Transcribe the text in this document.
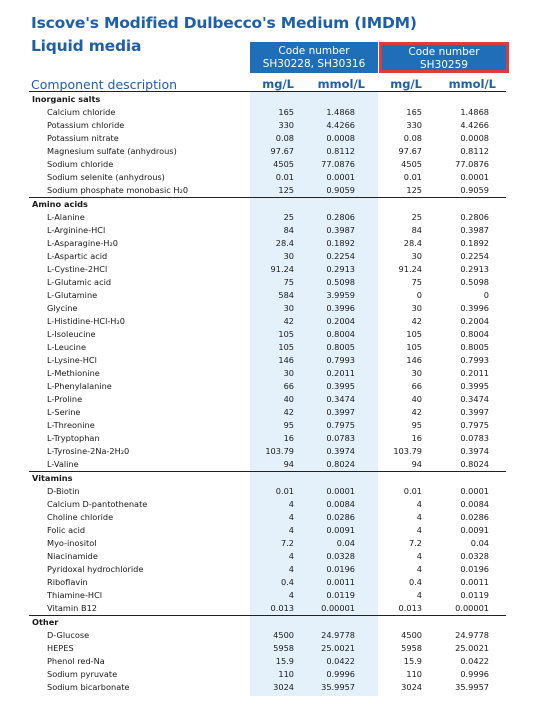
Iscove's Modified Dulbecco's Medium (IMDM)
Liquid media	Code number
SH30228, SH30316
Code number
SH30259
Component description	mg/L	mmol/L	mg/L	mmol/L
Inorganic salts
Calcium chloride	165	1.4868	165	1.4868
Potassium chloride	330	4.4266	330	4.4266
Potassium nitrate	0.08	0.0008	0.08	0.0008
Magnesium sulfate (anhydrous)	97.67	0.8112	97.67	0.8112
Sodium chloride	4505	77.0876	4505	77.0876
Sodium selenite (anhydrous)	0.01	0.0001	0.01	0.0001
Sodium phosphate monobasic H₂0	125	0.9059	125	0.9059
Amino acids
L-Alanine	25	0.2806	25	0.2806
L-Arginine-HCl	84	0.3987	84	0.3987
L-Asparagine-H₂0	28.4	0.1892	28.4	0.1892
L-Aspartic acid	30	0.2254	30	0.2254
L-Cystine-2HCl	91.24	0.2913	91.24	0.2913
L-Glutamic acid	75	0.5098	75	0.5098
L-Glutamine	584	3.9959	0	0
Glycine	30	0.3996	30	0.3996
L-Histidine-HCl-H₂0	42	0.2004	42	0.2004
L-Isoleucine	105	0.8004	105	0.8004
L-Leucine	105	0.8005	105	0.8005
L-Lysine-HCl	146	0.7993	146	0.7993
L-Methionine	30	0.2011	30	0.2011
L-Phenylalanine	66	0.3995	66	0.3995
L-Proline	40	0.3474	40	0.3474
L-Serine	42	0.3997	42	0.3997
L-Threonine	95	0.7975	95	0.7975
L-Tryptophan	16	0.0783	16	0.0783
L-Tyrosine-2Na-2H₂0	103.79	0.3974	103.79	0.3974
L-Valine	94	0.8024	94	0.8024
Vitamins
D-Biotin	0.01	0.0001	0.01	0.0001
Calcium D-pantothenate	4	0.0084	4	0.0084
Choline chloride	4	0.0286	4	0.0286
Folic acid	4	0.0091	4	0.0091
Myo-inositol	7.2	0.04	7.2	0.04
Niacinamide	4	0.0328	4	0.0328
Pyridoxal hydrochloride	4	0.0196	4	0.0196
Riboflavin	0.4	0.0011	0.4	0.0011
Thiamine-HCl	4	0.0119	4	0.0119
Vitamin B12	0.013	0.00001	0.013	0.00001
Other
D-Glucose	4500	24.9778	4500	24.9778
HEPES	5958	25.0021	5958	25.0021
Phenol red-Na	15.9	0.0422	15.9	0.0422
Sodium pyruvate	110	0.9996	110	0.9996
Sodium bicarbonate	3024	35.9957	3024	35.9957
